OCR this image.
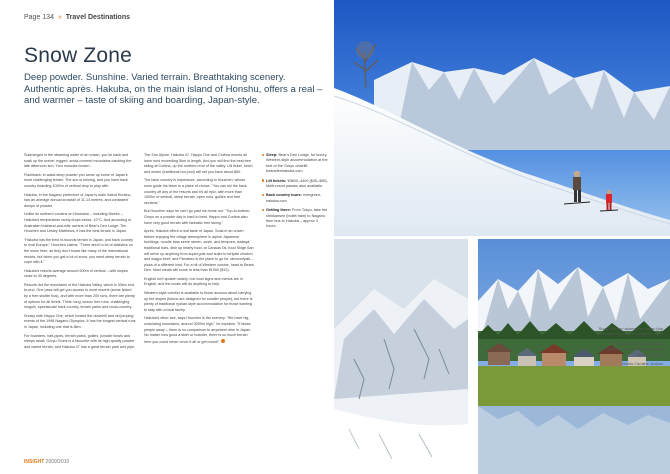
Page 134 » Travel Destinations
Snow Zone

Deep powder. Sunshine. Varied terrain. Breathtaking scenery. Authentic après. Hakuba, on the main island of Honshu, offers a real – and warmer – taste of skiing and boarding, Japan-style.

Submerged in the steaming water of an onsen, you lie back and soak up the scene: rugged, snow-covered mountains catching the late afternoon sun. Your muscles loosen...

Flashback: in waist-deep powder you came up some of Japan's most challenging terrain. The sun is shining, and you have back country boarding 1000m of vertical drop to play with.

Hakuba, in the Nagano prefecture of Japan's main island Honshu, has an average annual snowfall of 11-14 metres, and consistent dumps of powder.

Unlike its northern cousins on Hokkaido – including Niseko – Hakuba's temperature rarely drops below -10°C. And according to Australian husband-and-wife owners of Bear's Den Lodge, Tim Houchen and Lesley Matthews, it has the best terrain in Japan.

"Hakuba has the best in-bounds terrain in Japan, and back country to rival Europe," Houchen claims. "There aren't a lot of statistics on the snow here, as they don't boast like many of the international resorts, but when you get a lot of snow, you need steep terrain to cope with it."

Hakuba's resorts average around 900m of vertical – with slopes close to 40 degrees.

Resorts dot the mountains of the Hakuba Valley, which is 30km end-to-end. One pass will get you access to most resorts (some linked by a free shuttle bus), and with more than 200 runs, there are plenty of options for all levels. Think: long, scenic tree runs, challenging moguls, spectacular back country, terrain parks and cross-country.

Snowy side Happo One, which hosted the downhill and ski jumping events of the 1998 Nagano Olympics. It has the longest vertical runs in Japan, including one that is 8km.

For boarders, half-pipes, terrain parks, gullies, powder bowls and steeps await. Goryu Toomi is a favourite with its high-quality powder and varied terrain, and Hakuba 47 has a great terrain park and pipe.

The Sun Alpine, Hakuba 47, Happo One and Cortina resorts all have runs exceeding 5km in length. And you will find the best tree skiing at Cortina, up the northern end of the valley. Lift ticket, lunch and onsen (traditional hot pool) will set you back about $60.

The back country is impressive, according to Houchen, whose sons guide his team to a place of choice. "You can ski the back country off any of the resorts and it's all epic, with more than 1000m of vertical, steep terrain, open runs, gullies and tree sections."

But Houchen says he can't go past his home run: "Top-to-bottom, Goryu on a powder day is hard to beat. Happo and Cortina also have very good terrain with fantastic tree skiing."

Après, Hakuba offers a real taste of Japan. Soak in an onsen before enjoying the village atmosphere in alpine Japanese buildings: noodle bars serve ramen, sushi, and tempura; izakaya, traditional bars, dish up hearty food; at Canada Tai, food Shige San will serve up anything from squid guts and sushi to teriyaki chicken and wagyu beef; and Picnakeo is the place to go for okonomiyaki – pizza of a different kind. For a hit of Western cuisine, head to Bears Den. Most meals will come to less than ¥1000 ($12).

English isn't spoken widely, but most signs and menus are in English, and the locals will do anything to help.

Western-style comfort is available to those anxious about carrying up the slopes (futons are designed for smaller people), but there is plenty of traditional ryokan-style accommodation for those wanting to stay with a local family.

Hakuba's other ace, says Houchen is the scenery. "We have big, undulating mountains, around 3000m high," he explains. "It blows people away – there is no comparison to anywhere else in Japan. No matter how good a skier or boarder, there is so much terrain here you could never cover it all or get bored!"

Sleep: Bear's Den Lodge, for luxury, Western-style accommodation at the foot of the Goryu chairlift. bearsdenhakuba.com
Lift tickets: ¥3800–4400 ($45–$55). Multi-resort passes also available.
Back country tours: evergreen-hakuba.com
Getting there: From Tokyo, take the shinkansen (bullet train) to Nagano, then bus to Hakuba – approx 3 hours.
INSIGHT 2009/2010

Snow and sun adorns the slopes (top and right) and in the village (far right)

Photos Tim Houchen (skiing); iStockphoto.com (mountain); Hakuba village (village)

Words Caroline Jenkins
